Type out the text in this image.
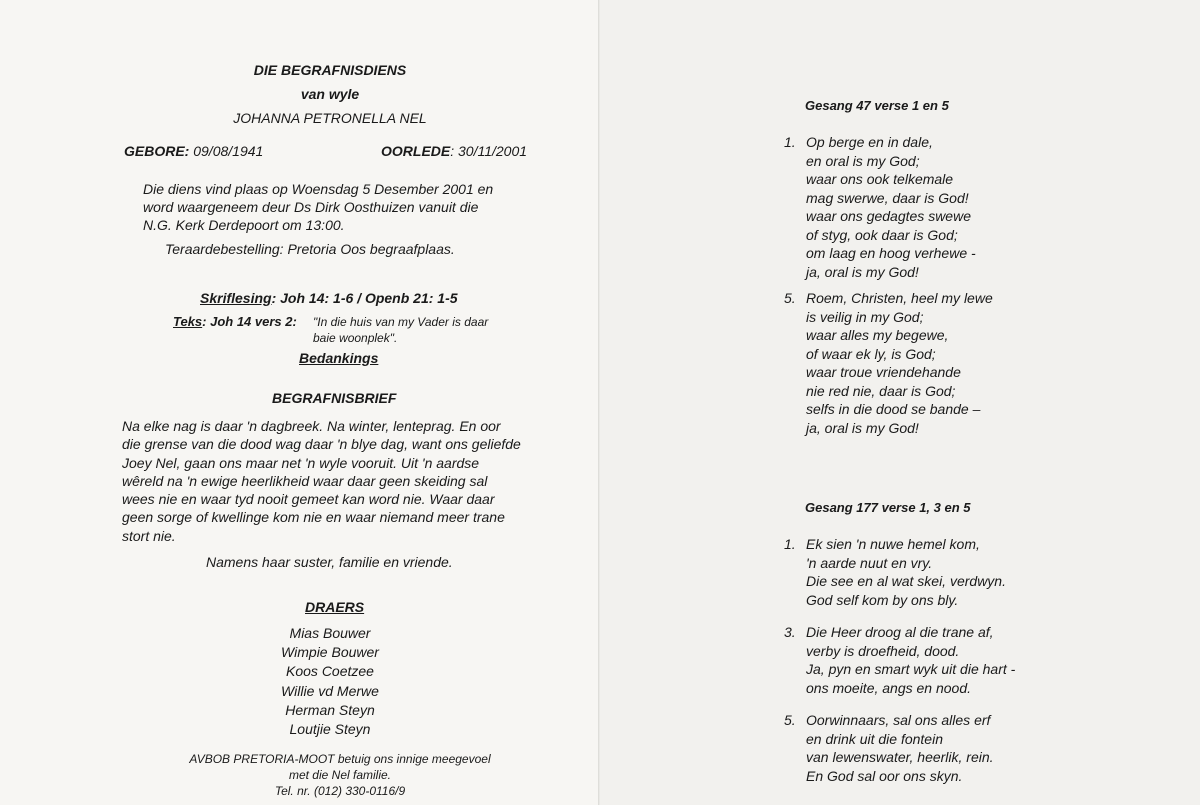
DIE BEGRAFNISDIENS
van wyle
JOHANNA PETRONELLA NEL
GEBORE: 09/08/1941	OORLEDE: 30/11/2001
Die diens vind plaas op Woensdag 5 Desember 2001 en
word waargeneem deur Ds Dirk Oosthuizen vanuit die
N.G. Kerk Derdepoort om 13:00.
Teraardebestelling: Pretoria Oos begraafplaas.
Skriflesing: Joh 14: 1-6 / Openb 21: 1-5
Teks: Joh 14 vers 2: "In die huis van my Vader is daar
baie woonplek".
Bedankings
BEGRAFNISBRIEF
Na elke nag is daar 'n dagbreek. Na winter, lenteprag. En oor
die grense van die dood wag daar 'n blye dag, want ons geliefde
Joey Nel, gaan ons maar net 'n wyle vooruit. Uit 'n aardse
wêreld na 'n ewige heerlikheid waar daar geen skeiding sal
wees nie en waar tyd nooit gemeet kan word nie. Waar daar
geen sorge of kwellinge kom nie en waar niemand meer trane
stort nie.
Namens haar suster, familie en vriende.
DRAERS
Mias Bouwer
Wimpie Bouwer
Koos Coetzee
Willie vd Merwe
Herman Steyn
Loutjie Steyn
AVBOB PRETORIA-MOOT betuig ons innige meegevoel
met die Nel familie.
Tel. nr. (012) 330-0116/9
Gesang 47 verse 1 en 5
1. Op berge en in dale,
en oral is my God;
waar ons ook telkemale
mag swerwe, daar is God!
waar ons gedagtes swewe
of styg, ook daar is God;
om laag en hoog verhewe -
ja, oral is my God!
5. Roem, Christen, heel my lewe
is veilig in my God;
waar alles my begewe,
of waar ek ly, is God;
waar troue vriendehande
nie red nie, daar is God;
selfs in die dood se bande –
ja, oral is my God!
Gesang 177 verse 1, 3 en 5
1. Ek sien 'n nuwe hemel kom,
'n aarde nuut en vry.
Die see en al wat skei, verdwyn.
God self kom by ons bly.
3. Die Heer droog al die trane af,
verby is droefheid, dood.
Ja, pyn en smart wyk uit die hart -
ons moeite, angs en nood.
5. Oorwinnaars, sal ons alles erf
en drink uit die fontein
van lewenswater, heerlik, rein.
En God sal oor ons skyn.
